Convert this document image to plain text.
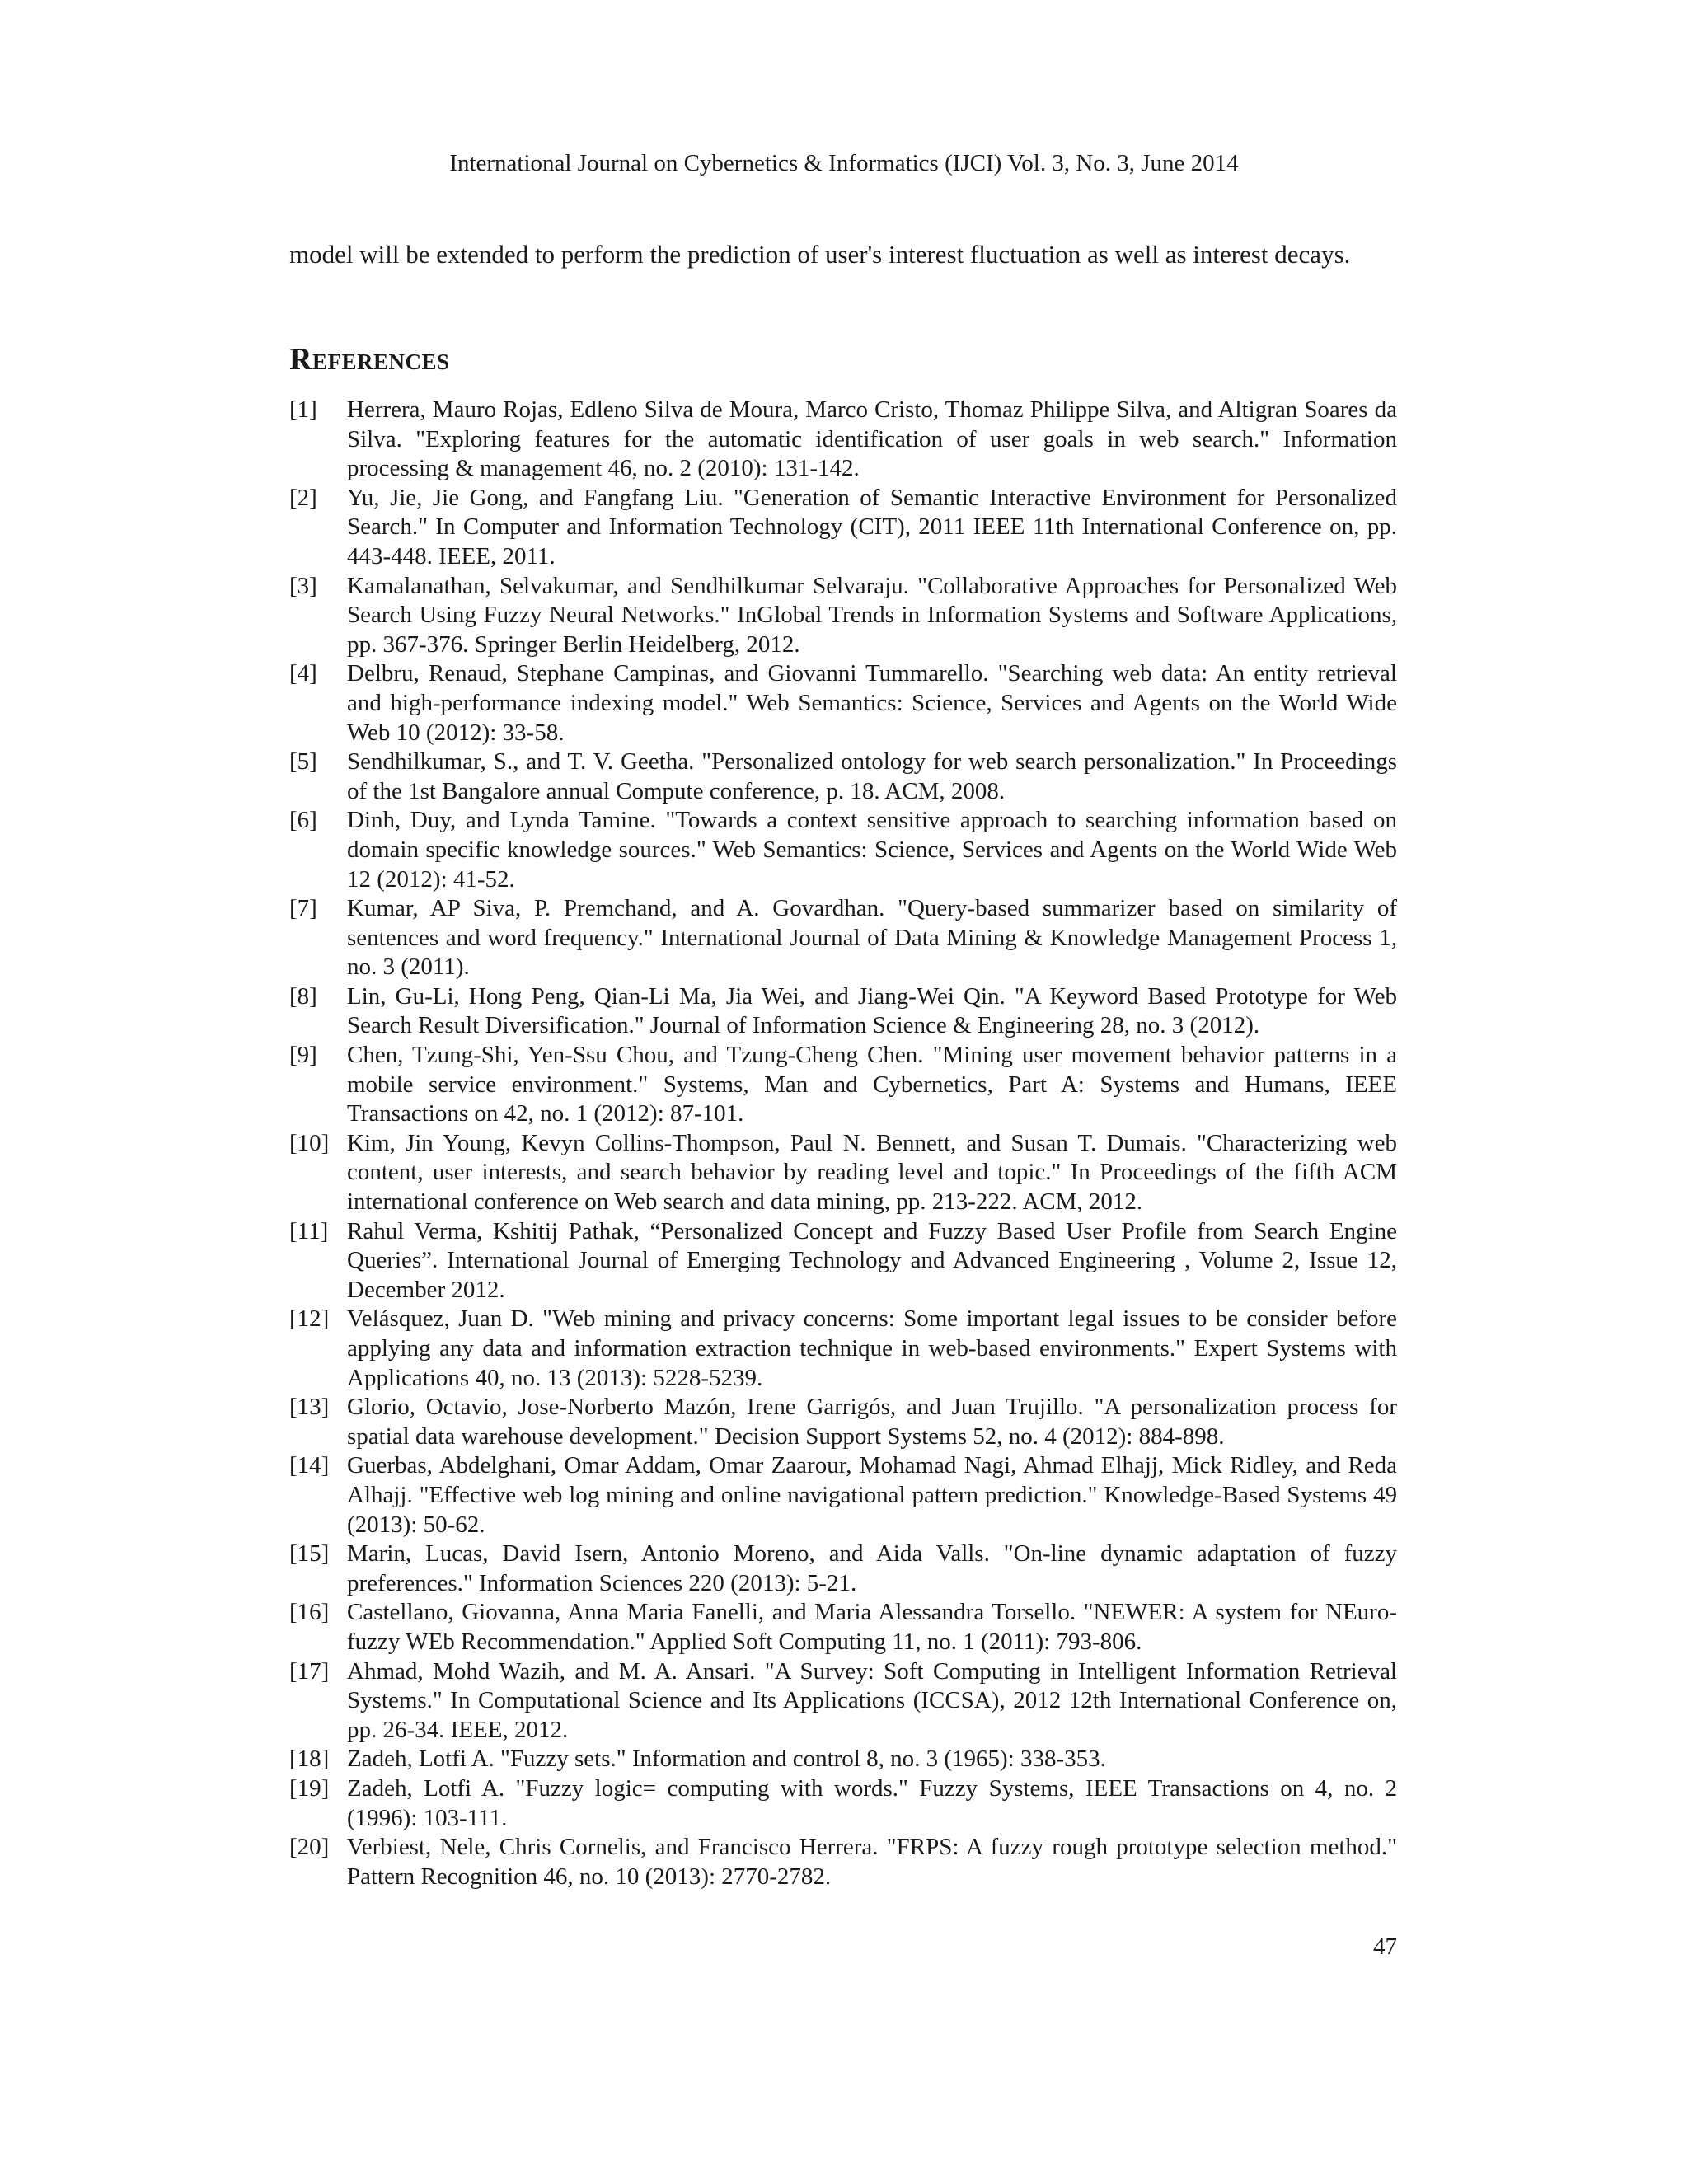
International Journal on Cybernetics & Informatics (IJCI) Vol. 3, No. 3, June 2014

model will be extended to perform the prediction of user's interest fluctuation as well as interest decays.

References
[1]	Herrera, Mauro Rojas, Edleno Silva de Moura, Marco Cristo, Thomaz Philippe Silva, and Altigran Soares da Silva. "Exploring features for the automatic identification of user goals in web search." Information processing & management 46, no. 2 (2010): 131-142.
[2]	Yu, Jie, Jie Gong, and Fangfang Liu. "Generation of Semantic Interactive Environment for Personalized Search." In Computer and Information Technology (CIT), 2011 IEEE 11th International Conference on, pp. 443-448. IEEE, 2011.
[3]	Kamalanathan, Selvakumar, and Sendhilkumar Selvaraju. "Collaborative Approaches for Personalized Web Search Using Fuzzy Neural Networks." InGlobal Trends in Information Systems and Software Applications, pp. 367-376. Springer Berlin Heidelberg, 2012.
[4]	Delbru, Renaud, Stephane Campinas, and Giovanni Tummarello. "Searching web data: An entity retrieval and high-performance indexing model." Web Semantics: Science, Services and Agents on the World Wide Web 10 (2012): 33-58.
[5]	Sendhilkumar, S., and T. V. Geetha. "Personalized ontology for web search personalization." In Proceedings of the 1st Bangalore annual Compute conference, p. 18. ACM, 2008.
[6]	Dinh, Duy, and Lynda Tamine. "Towards a context sensitive approach to searching information based on domain specific knowledge sources." Web Semantics: Science, Services and Agents on the World Wide Web 12 (2012): 41-52.
[7]	Kumar, AP Siva, P. Premchand, and A. Govardhan. "Query-based summarizer based on similarity of sentences and word frequency." International Journal of Data Mining & Knowledge Management Process 1, no. 3 (2011).
[8]	Lin, Gu-Li, Hong Peng, Qian-Li Ma, Jia Wei, and Jiang-Wei Qin. "A Keyword Based Prototype for Web Search Result Diversification." Journal of Information Science & Engineering 28, no. 3 (2012).
[9]	Chen, Tzung-Shi, Yen-Ssu Chou, and Tzung-Cheng Chen. "Mining user movement behavior patterns in a mobile service environment." Systems, Man and Cybernetics, Part A: Systems and Humans, IEEE Transactions on 42, no. 1 (2012): 87-101.
[10] Kim, Jin Young, Kevyn Collins-Thompson, Paul N. Bennett, and Susan T. Dumais. "Characterizing web content, user interests, and search behavior by reading level and topic." In Proceedings of the fifth ACM international conference on Web search and data mining, pp. 213-222. ACM, 2012.
[11] Rahul Verma, Kshitij Pathak, “Personalized Concept and Fuzzy Based User Profile from Search Engine Queries”. International Journal of Emerging Technology and Advanced Engineering , Volume 2, Issue 12, December 2012.
[12] Velásquez, Juan D. "Web mining and privacy concerns: Some important legal issues to be consider before applying any data and information extraction technique in web-based environments." Expert Systems with Applications 40, no. 13 (2013): 5228-5239.
[13] Glorio, Octavio, Jose-Norberto Mazón, Irene Garrigós, and Juan Trujillo. "A personalization process for spatial data warehouse development." Decision Support Systems 52, no. 4 (2012): 884-898.
[14] Guerbas, Abdelghani, Omar Addam, Omar Zaarour, Mohamad Nagi, Ahmad Elhajj, Mick Ridley, and Reda Alhajj. "Effective web log mining and online navigational pattern prediction." Knowledge-Based Systems 49 (2013): 50-62.
[15] Marin, Lucas, David Isern, Antonio Moreno, and Aida Valls. "On-line dynamic adaptation of fuzzy preferences." Information Sciences 220 (2013): 5-21.
[16] Castellano, Giovanna, Anna Maria Fanelli, and Maria Alessandra Torsello. "NEWER: A system for NEuro-fuzzy WEb Recommendation." Applied Soft Computing 11, no. 1 (2011): 793-806.
[17] Ahmad, Mohd Wazih, and M. A. Ansari. "A Survey: Soft Computing in Intelligent Information Retrieval Systems." In Computational Science and Its Applications (ICCSA), 2012 12th International Conference on, pp. 26-34. IEEE, 2012.
[18] Zadeh, Lotfi A. "Fuzzy sets." Information and control 8, no. 3 (1965): 338-353.
[19] Zadeh, Lotfi A. "Fuzzy logic= computing with words." Fuzzy Systems, IEEE Transactions on 4, no. 2 (1996): 103-111.
[20] Verbiest, Nele, Chris Cornelis, and Francisco Herrera. "FRPS: A fuzzy rough prototype selection method." Pattern Recognition 46, no. 10 (2013): 2770-2782.
47
